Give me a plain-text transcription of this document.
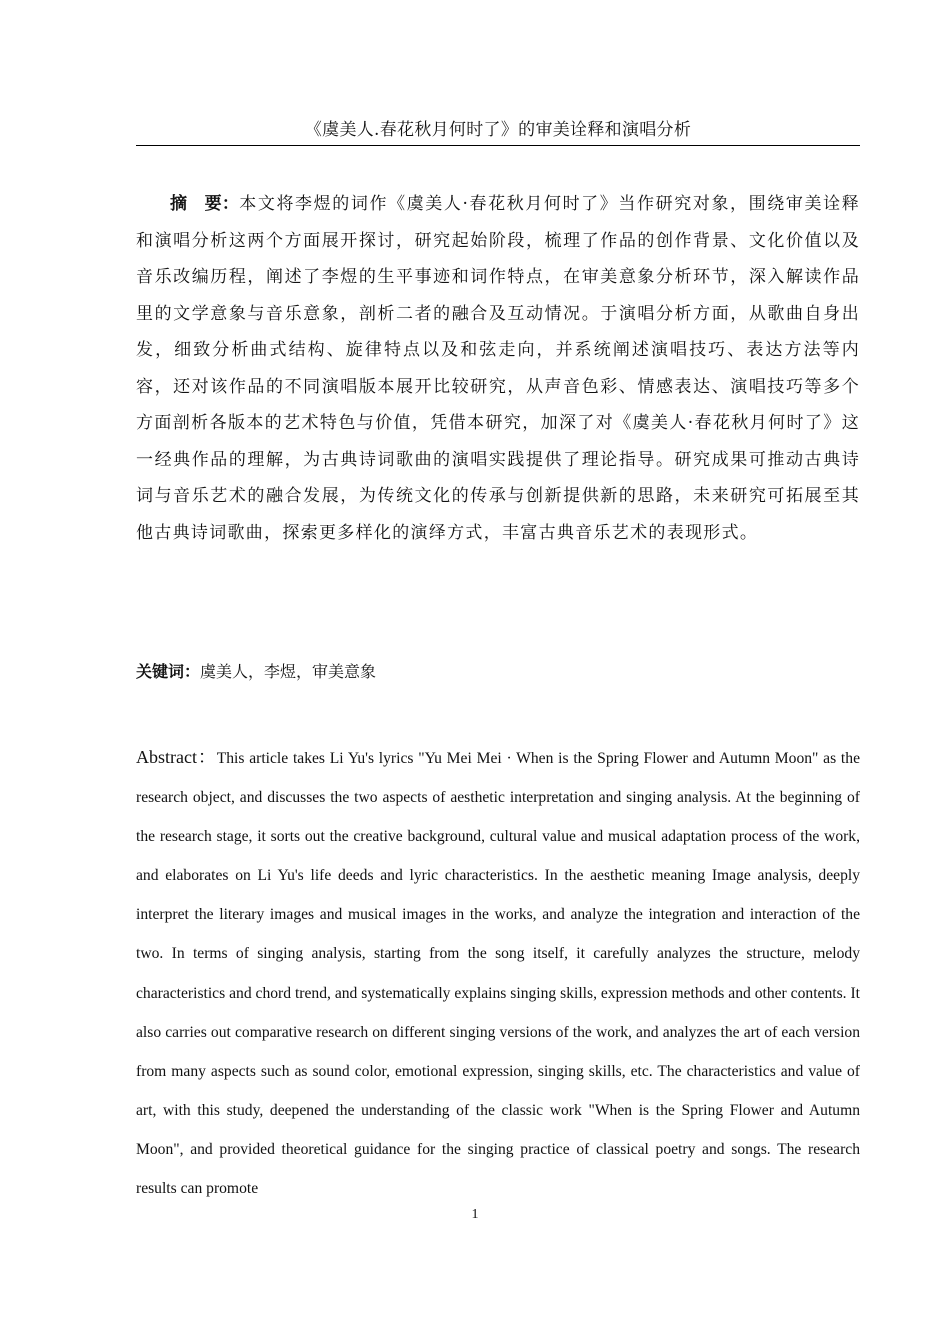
《虞美人.春花秋月何时了》的审美诠释和演唱分析

摘　要：本文将李煜的词作《虞美人·春花秋月何时了》当作研究对象，围绕审美诠释和演唱分析这两个方面展开探讨，研究起始阶段，梳理了作品的创作背景、文化价值以及音乐改编历程，阐述了李煜的生平事迹和词作特点，在审美意象分析环节，深入解读作品里的文学意象与音乐意象，剖析二者的融合及互动情况。于演唱分析方面，从歌曲自身出发，细致分析曲式结构、旋律特点以及和弦走向，并系统阐述演唱技巧、表达方法等内容，还对该作品的不同演唱版本展开比较研究，从声音色彩、情感表达、演唱技巧等多个方面剖析各版本的艺术特色与价值，凭借本研究，加深了对《虞美人·春花秋月何时了》这一经典作品的理解，为古典诗词歌曲的演唱实践提供了理论指导。研究成果可推动古典诗词与音乐艺术的融合发展，为传统文化的传承与创新提供新的思路，未来研究可拓展至其他古典诗词歌曲，探索更多样化的演绎方式，丰富古典音乐艺术的表现形式。

关键词：虞美人，李煜，审美意象

Abstract：This article takes Li Yu's lyrics "Yu Mei Mei · When is the Spring Flower and Autumn Moon" as the research object, and discusses the two aspects of aesthetic interpretation and singing analysis. At the beginning of the research stage, it sorts out the creative background, cultural value and musical adaptation process of the work, and elaborates on Li Yu's life deeds and lyric characteristics. In the aesthetic meaning Image analysis, deeply interpret the literary images and musical images in the works, and analyze the integration and interaction of the two. In terms of singing analysis, starting from the song itself, it carefully analyzes the structure, melody characteristics and chord trend, and systematically explains singing skills, expression methods and other contents. It also carries out comparative research on different singing versions of the work, and analyzes the art of each version from many aspects such as sound color, emotional expression, singing skills, etc. The characteristics and value of art, with this study, deepened the understanding of the classic work "When is the Spring Flower and Autumn Moon", and provided theoretical guidance for the singing practice of classical poetry and songs. The research results can promote

1
